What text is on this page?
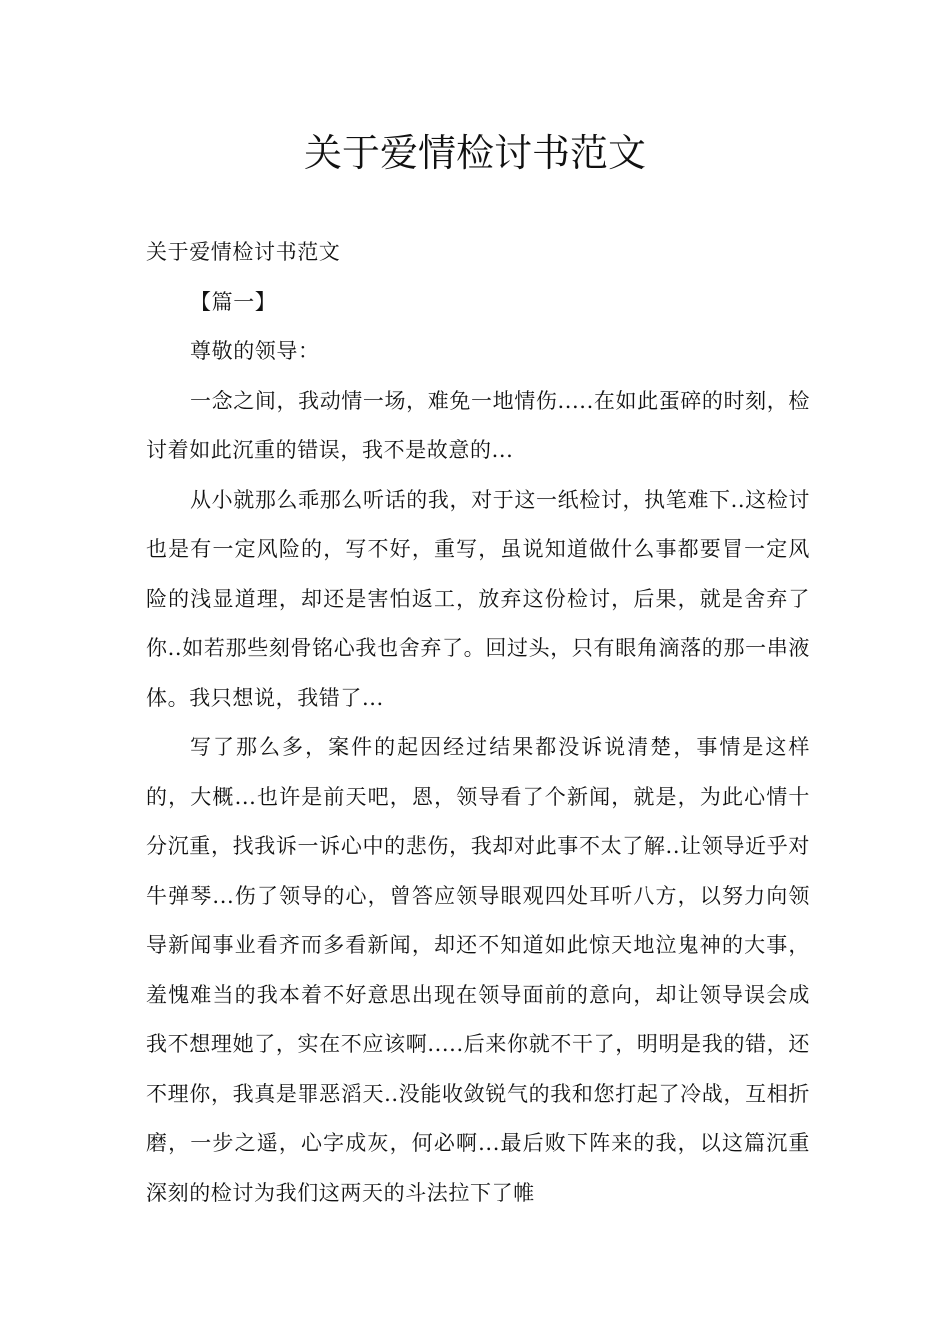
关于爱情检讨书范文

关于爱情检讨书范文

【篇一】

尊敬的领导：

一念之间，我动情一场，难免一地情伤.....在如此蛋碎的时刻，检讨着如此沉重的错误，我不是故意的...

从小就那么乖那么听话的我，对于这一纸检讨，执笔难下..这检讨也是有一定风险的，写不好，重写，虽说知道做什么事都要冒一定风险的浅显道理，却还是害怕返工，放弃这份检讨，后果，就是舍弃了你..如若那些刻骨铭心我也舍弃了。回过头，只有眼角滴落的那一串液体。我只想说，我错了...

写了那么多，案件的起因经过结果都没诉说清楚，事情是这样的，大概...也许是前天吧，恩，领导看了个新闻，就是，为此心情十分沉重，找我诉一诉心中的悲伤，我却对此事不太了解..让领导近乎对牛弹琴...伤了领导的心，曾答应领导眼观四处耳听八方，以努力向领导新闻事业看齐而多看新闻，却还不知道如此惊天地泣鬼神的大事，羞愧难当的我本着不好意思出现在领导面前的意向，却让领导误会成我不想理她了，实在不应该啊.....后来你就不干了，明明是我的错，还不理你，我真是罪恶滔天..没能收敛锐气的我和您打起了冷战，互相折磨，一步之遥，心字成灰，何必啊...最后败下阵来的我，以这篇沉重深刻的检讨为我们这两天的斗法拉下了帷
